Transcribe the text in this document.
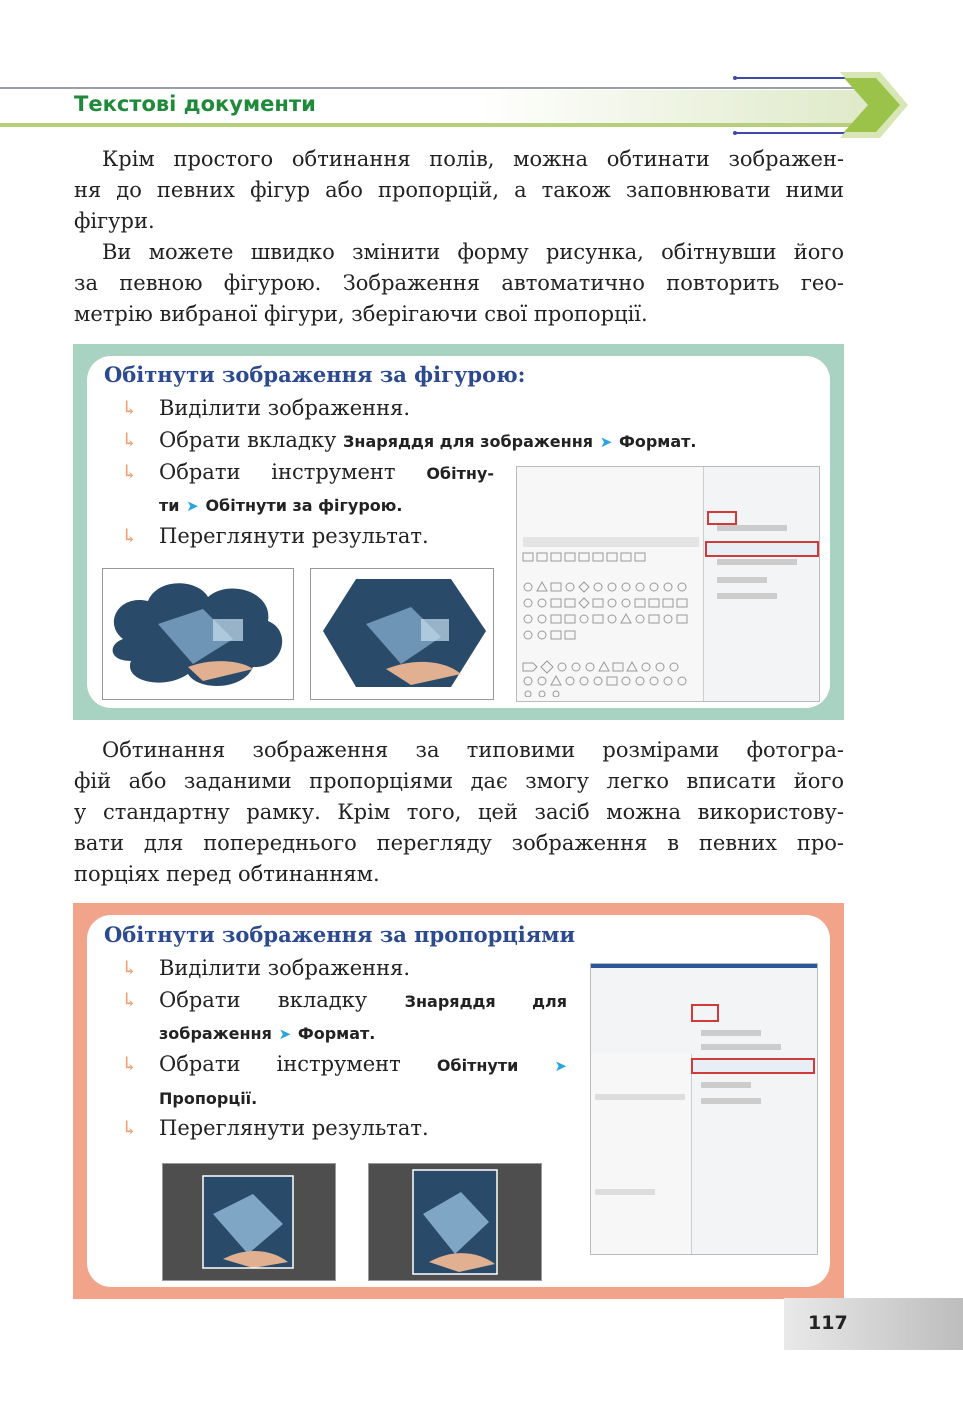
Текстові документи
Крім простого обтинання полів, можна обтинати зображен-
ня до певних фігур або пропорцій, а також заповнювати ними
фігури.
Ви можете швидко змінити форму рисунка, обітнувши його
за певною фігурою. Зображення автоматично повторить гео-
метрію вибраної фігури, зберігаючи свої пропорції.
Обітнути зображення за фігурою:
↳ Виділити зображення.
↳ Обрати вкладку Знаряддя для зображення ➤ Формат.
↳ Обрати інструмент Обітну-
ти ➤ Обітнути за фігурою.
↳ Переглянути результат.
Обтинання зображення за типовими розмірами фотогра-
фій або заданими пропорціями дає змогу легко вписати його
у стандартну рамку. Крім того, цей засіб можна використову-
вати для попереднього перегляду зображення в певних про-
порціях перед обтинанням.
Обітнути зображення за пропорціями
↳ Виділити зображення.
↳ Обрати вкладку Знаряддя для
зображення ➤ Формат.
↳ Обрати інструмент Обітнути ➤
Пропорції.
↳ Переглянути результат.
117
